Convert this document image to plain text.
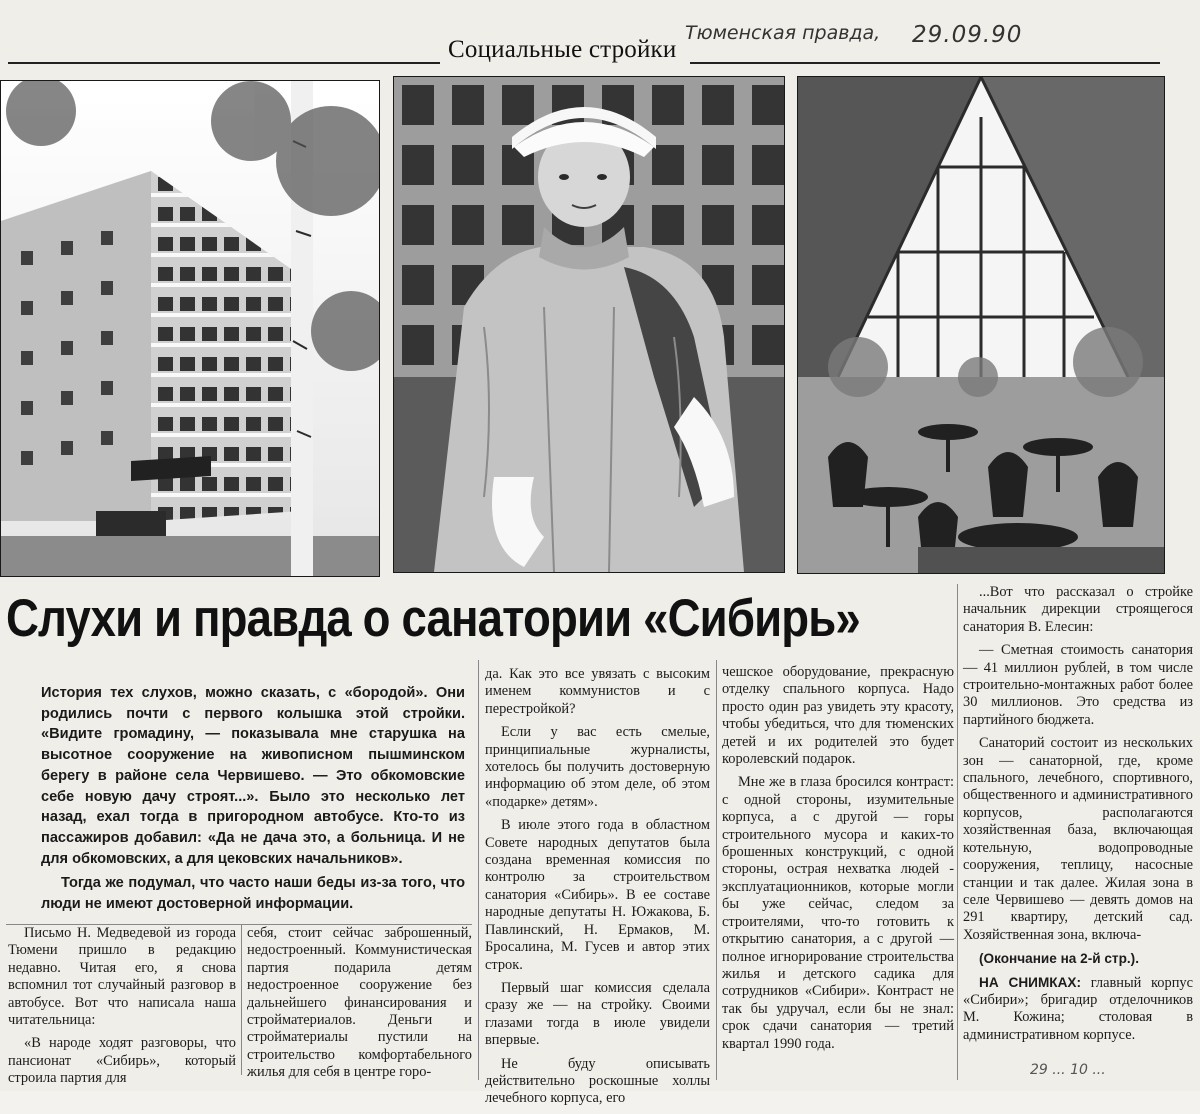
Социальные стройки
Тюменская правда, 29.09.90
Слухи и правда о санатории «Сибирь»

История тех слухов, можно сказать, с «бородой». Они родились почти с первого колышка этой стройки. «Видите громадину, — показывала мне старушка на высотное сооружение на живописном пышминском берегу в районе села Червишево. — Это обкомовские себе новую дачу строят...». Было это несколько лет назад, ехал тогда в пригородном автобусе. Кто-то из пассажиров добавил: «Да не дача это, а больница. И не для обкомовских, а для цековских начальников».

Тогда же подумал, что часто наши беды из-за того, что люди не имеют достоверной информации.

Письмо Н. Медведевой из города Тюмени пришло в редакцию недавно. Читая его, я снова вспомнил тот случайный разговор в автобусе. Вот что написала наша читательница:

«В народе ходят разговоры, что пансионат «Сибирь», который строила партия для

себя, стоит сейчас заброшенный, недостроенный. Коммунистическая партия подарила детям недостроенное сооружение без дальнейшего финансирования и стройматериалов. Деньги и стройматериалы пустили на строительство комфортабельного жилья для себя в центре горо-

да. Как это все увязать с высоким именем коммунистов и с перестройкой?

Если у вас есть смелые, принципиальные журналисты, хотелось бы получить достоверную информацию об этом деле, об этом «подарке» детям».

В июле этого года в областном Совете народных депутатов была создана временная комиссия по контролю за строительством санатория «Сибирь». В ее составе народные депутаты Н. Южакова, Б. Павлинский, Н. Ермаков, М. Бросалина, М. Гусев и автор этих строк.

Первый шаг комиссия сделала сразу же — на стройку. Своими глазами тогда в июле увидели впервые.

Не буду описывать действительно роскошные холлы лечебного корпуса, его

чешское оборудование, прекрасную отделку спального корпуса. Надо просто один раз увидеть эту красоту, чтобы убедиться, что для тюменских детей и их родителей это будет королевский подарок.

Мне же в глаза бросился контраст: с одной стороны, изумительные корпуса, а с другой — горы строительного мусора и каких-то брошенных конструкций, с одной стороны, острая нехватка людей - эксплуатационников, которые могли бы уже сейчас, следом за строителями, что-то готовить к открытию санатория, а с другой — полное игнорирование строительства жилья и детского садика для сотрудников «Сибири». Контраст не так бы удручал, если бы не знал: срок сдачи санатория — третий квартал 1990 года.

...Вот что рассказал о стройке начальник дирекции строящегося санатория В. Елесин:

— Сметная стоимость санатория — 41 миллион рублей, в том числе строительно-монтажных работ более 30 миллионов. Это средства из партийного бюджета.

Санаторий состоит из нескольких зон — санаторной, где, кроме спального, лечебного, спортивного, общественного и административного корпусов, располагаются хозяйственная база, включающая котельную, водопроводные сооружения, теплицу, насосные станции и так далее. Жилая зона в селе Червишево — девять домов на 291 квартиру, детский сад. Хозяйственная зона, включа-

(Окончание на 2-й стр.).

НА СНИМКАХ: главный корпус «Сибири»; бригадир отделочников М. Кожина; столовая в административном корпусе.

29 ... 10 ...
